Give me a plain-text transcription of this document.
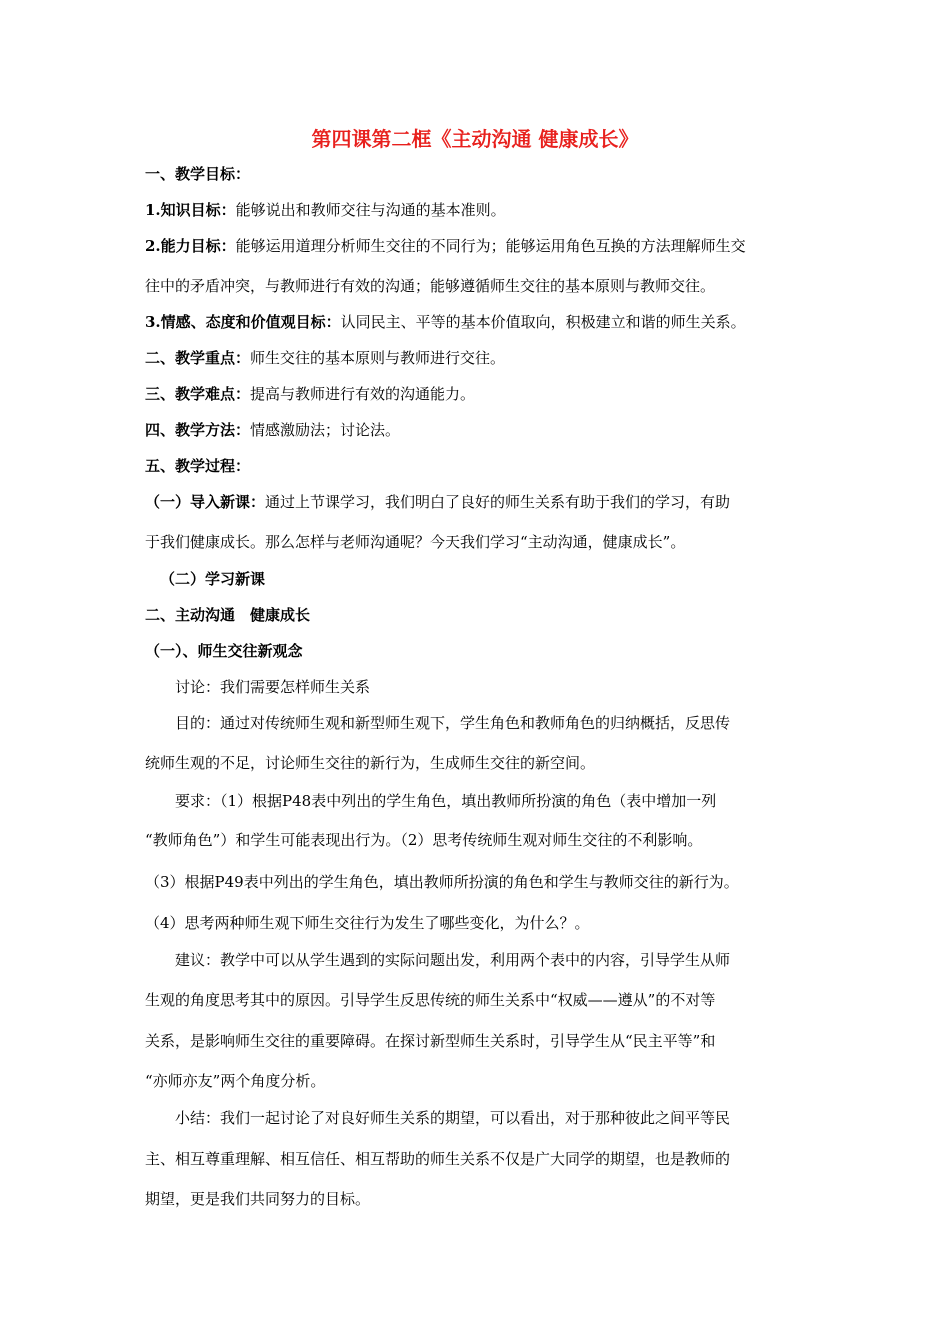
第四课第二框《主动沟通 健康成长》
一、教学目标：
1.知识目标：能够说出和教师交往与沟通的基本准则。
2.能力目标：能够运用道理分析师生交往的不同行为；能够运用角色互换的方法理解师生交
往中的矛盾冲突，与教师进行有效的沟通；能够遵循师生交往的基本原则与教师交往。
3.情感、态度和价值观目标：认同民主、平等的基本价值取向，积极建立和谐的师生关系。
二、教学重点：师生交往的基本原则与教师进行交往。
三、教学难点：提高与教师进行有效的沟通能力。
四、教学方法：情感激励法；讨论法。
五、教学过程：
（一）导入新课：通过上节课学习，我们明白了良好的师生关系有助于我们的学习，有助
于我们健康成长。那么怎样与老师沟通呢？今天我们学习“主动沟通，健康成长”。
（二）学习新课
二、主动沟通　健康成长
（一）、师生交往新观念
讨论：我们需要怎样师生关系
目的：通过对传统师生观和新型师生观下，学生角色和教师角色的归纳概括，反思传
统师生观的不足，讨论师生交往的新行为，生成师生交往的新空间。
要求：（1）根据P48表中列出的学生角色，填出教师所扮演的角色（表中增加一列
“教师角色”）和学生可能表现出行为。（2）思考传统师生观对师生交往的不利影响。
（3）根据P49表中列出的学生角色，填出教师所扮演的角色和学生与教师交往的新行为。
（4）思考两种师生观下师生交往行为发生了哪些变化，为什么？。
建议：教学中可以从学生遇到的实际问题出发，利用两个表中的内容，引导学生从师
生观的角度思考其中的原因。引导学生反思传统的师生关系中“权威——遵从”的不对等
关系，是影响师生交往的重要障碍。在探讨新型师生关系时，引导学生从“民主平等”和
“亦师亦友”两个角度分析。
小结：我们一起讨论了对良好师生关系的期望，可以看出，对于那种彼此之间平等民
主、相互尊重理解、相互信任、相互帮助的师生关系不仅是广大同学的期望，也是教师的
期望，更是我们共同努力的目标。
